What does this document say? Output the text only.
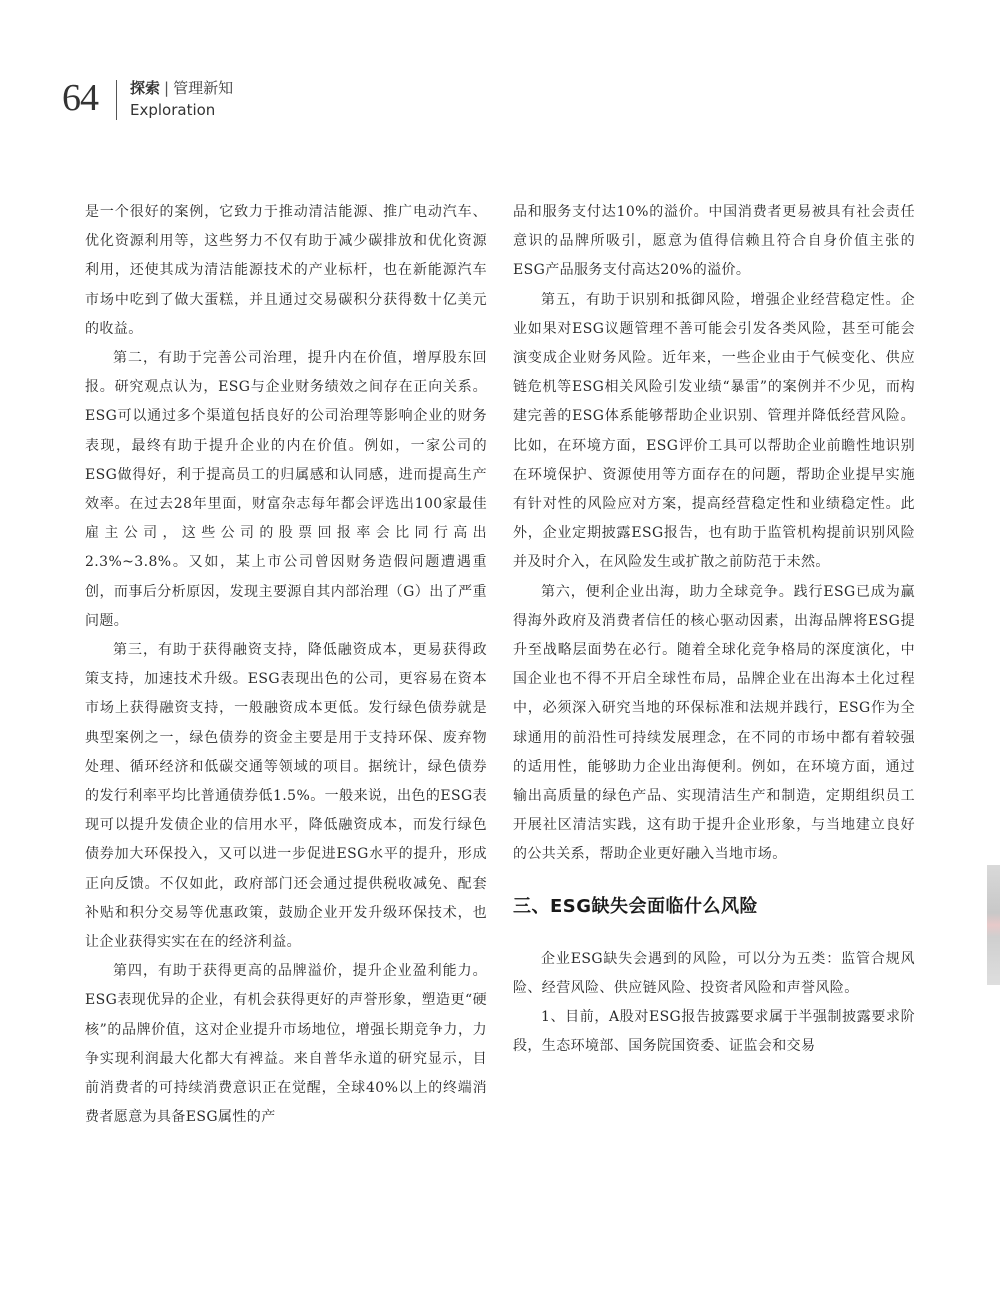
64 探索 | 管理新知
Exploration

是一个很好的案例，它致力于推动清洁能源、推广电动汽车、优化资源利用等，这些努力不仅有助于减少碳排放和优化资源利用，还使其成为清洁能源技术的产业标杆，也在新能源汽车市场中吃到了做大蛋糕，并且通过交易碳积分获得数十亿美元的收益。

第二，有助于完善公司治理，提升内在价值，增厚股东回报。研究观点认为，ESG与企业财务绩效之间存在正向关系。ESG可以通过多个渠道包括良好的公司治理等影响企业的财务表现，最终有助于提升企业的内在价值。例如，一家公司的ESG做得好，利于提高员工的归属感和认同感，进而提高生产效率。在过去28年里面，财富杂志每年都会评选出100家最佳雇主公司，这些公司的股票回报率会比同行高出2.3%~3.8%。又如，某上市公司曾因财务造假问题遭遇重创，而事后分析原因，发现主要源自其内部治理（G）出了严重问题。

第三，有助于获得融资支持，降低融资成本，更易获得政策支持，加速技术升级。ESG表现出色的公司，更容易在资本市场上获得融资支持，一般融资成本更低。发行绿色债券就是典型案例之一，绿色债券的资金主要是用于支持环保、废弃物处理、循环经济和低碳交通等领域的项目。据统计，绿色债券的发行利率平均比普通债券低1.5%。一般来说，出色的ESG表现可以提升发债企业的信用水平，降低融资成本，而发行绿色债券加大环保投入，又可以进一步促进ESG水平的提升，形成正向反馈。不仅如此，政府部门还会通过提供税收减免、配套补贴和积分交易等优惠政策，鼓励企业开发升级环保技术，也让企业获得实实在在的经济利益。

第四，有助于获得更高的品牌溢价，提升企业盈利能力。ESG表现优异的企业，有机会获得更好的声誉形象，塑造更“硬核”的品牌价值，这对企业提升市场地位，增强长期竞争力，力争实现利润最大化都大有裨益。来自普华永道的研究显示，目前消费者的可持续消费意识正在觉醒，全球40%以上的终端消费者愿意为具备ESG属性的产

品和服务支付达10%的溢价。中国消费者更易被具有社会责任意识的品牌所吸引，愿意为值得信赖且符合自身价值主张的ESG产品服务支付高达20%的溢价。

第五，有助于识别和抵御风险，增强企业经营稳定性。企业如果对ESG议题管理不善可能会引发各类风险，甚至可能会演变成企业财务风险。近年来，一些企业由于气候变化、供应链危机等ESG相关风险引发业绩“暴雷”的案例并不少见，而构建完善的ESG体系能够帮助企业识别、管理并降低经营风险。比如，在环境方面，ESG评价工具可以帮助企业前瞻性地识别在环境保护、资源使用等方面存在的问题，帮助企业提早实施有针对性的风险应对方案，提高经营稳定性和业绩稳定性。此外，企业定期披露ESG报告，也有助于监管机构提前识别风险并及时介入，在风险发生或扩散之前防范于未然。

第六，便利企业出海，助力全球竞争。践行ESG已成为赢得海外政府及消费者信任的核心驱动因素，出海品牌将ESG提升至战略层面势在必行。随着全球化竞争格局的深度演化，中国企业也不得不开启全球性布局，品牌企业在出海本土化过程中，必须深入研究当地的环保标准和法规并践行，ESG作为全球通用的前沿性可持续发展理念，在不同的市场中都有着较强的适用性，能够助力企业出海便利。例如，在环境方面，通过输出高质量的绿色产品、实现清洁生产和制造，定期组织员工开展社区清洁实践，这有助于提升企业形象，与当地建立良好的公共关系，帮助企业更好融入当地市场。

三、ESG缺失会面临什么风险

企业ESG缺失会遇到的风险，可以分为五类：监管合规风险、经营风险、供应链风险、投资者风险和声誉风险。

1、目前，A股对ESG报告披露要求属于半强制披露要求阶段，生态环境部、国务院国资委、证监会和交易
